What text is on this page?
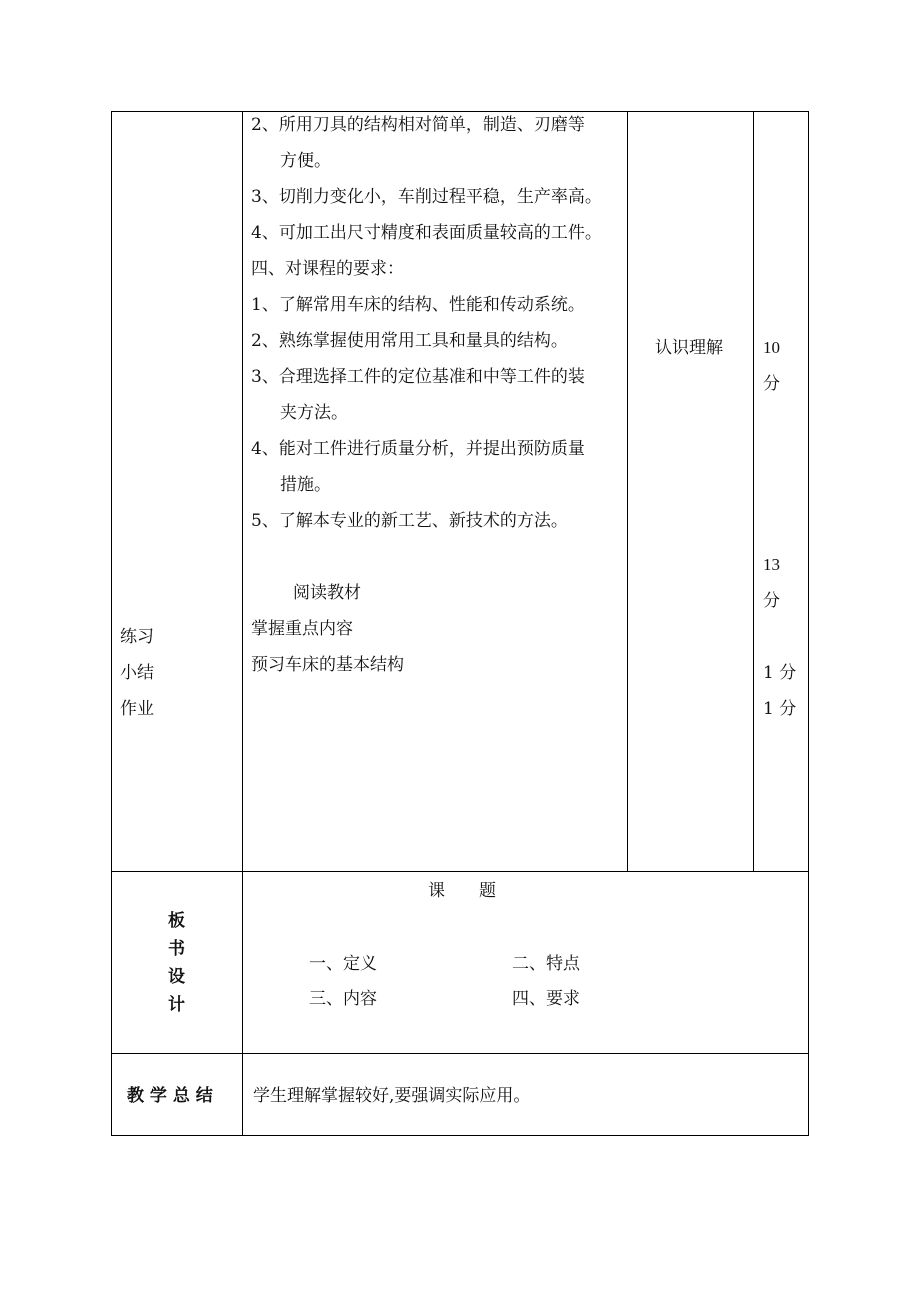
2、所用刀具的结构相对简单，制造、刃磨等
方便。
3、切削力变化小，车削过程平稳，生产率高。
4、可加工出尺寸精度和表面质量较高的工件。
四、对课程的要求：
1、了解常用车床的结构、性能和传动系统。
2、熟练掌握使用常用工具和量具的结构。
3、合理选择工件的定位基准和中等工件的装
夹方法。
4、能对工件进行质量分析，并提出预防质量
措施。
5、了解本专业的新工艺、新技术的方法。
阅读教材
掌握重点内容
预习车床的基本结构
练习
小结
作业
认识理解 10
分
13
分
1 分
1 分
板
书
设
计
课　　题
一、定义	二、特点
三、内容	四、要求
教 学 总 结 学生理解掌握较好,要强调实际应用。
